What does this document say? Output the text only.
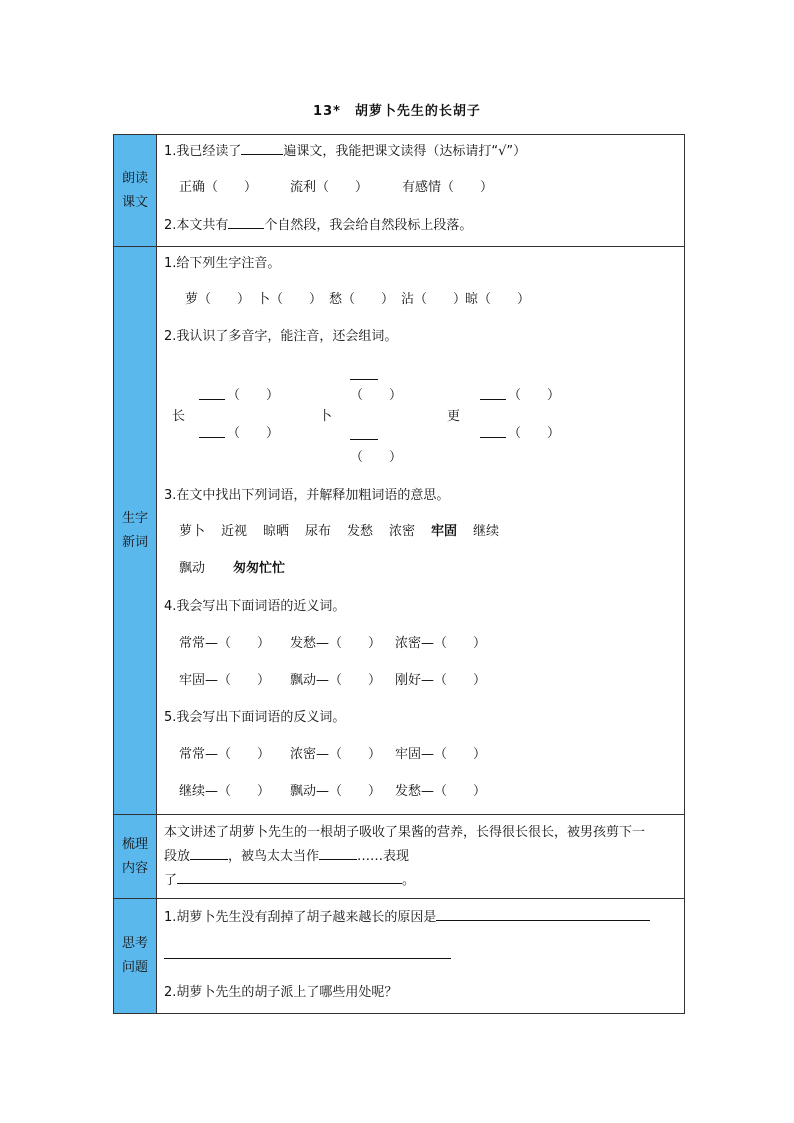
13*　胡萝卜先生的长胡子
朗读课文
1.我已经读了	遍课文，我能把课文读得（达标请打“√”）
正确（　　）	流利（　　）	有感情（　　）
2.本文共有	个自然段，我会给自然段标上段落。
生字新词
1.给下列生字注音。
萝（　　） 卜（　　） 愁（　　） 沾（　　）
晾（　　）
2.我认识了多音字，能注音，还会组词。
长
（　　）
（　　）
卜
（　　）
（　　）
更
（　　）
（　　）
3.在文中找出下列词语，并解释加粗词语的意思。
萝卜 近视 晾晒 尿布 发愁 浓密 牢固 继续
飘动 匆匆忙忙
4.我会写出下面词语的近义词。
常常—（　　） 发愁—（　　） 浓密—（　　）
牢固—（　　） 飘动—（　　） 刚好—（　　）
5.我会写出下面词语的反义词。
常常—（　　） 浓密—（　　） 牢固—（　　）
继续—（　　） 飘动—（　　） 发愁—（　　）
梳理内容
本文讲述了胡萝卜先生的一根胡子吸收了果酱的营养，长得很长很长，被男孩剪下一
段放	，被鸟太太当作	……表现
了	。
思考问题
1.胡萝卜先生没有刮掉了胡子越来越长的原因是
2.胡萝卜先生的胡子派上了哪些用处呢？
